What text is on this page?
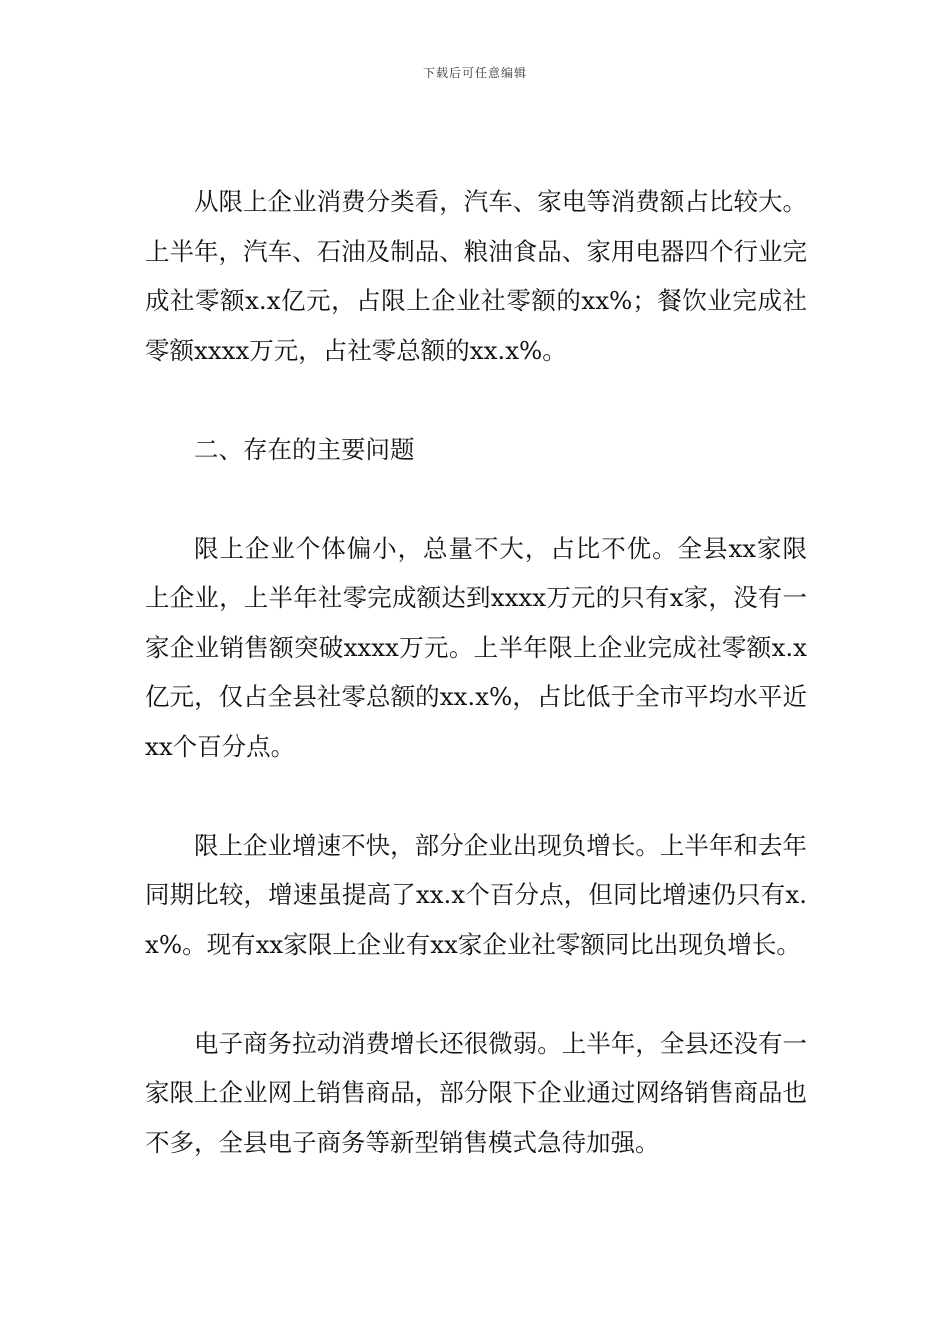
下载后可任意编辑

从限上企业消费分类看，汽车、家电等消费额占比较大。上半年，汽车、石油及制品、粮油食品、家用电器四个行业完成社零额x.x亿元，占限上企业社零额的xx%；餐饮业完成社零额xxxx万元，占社零总额的xx.x%。

二、存在的主要问题

限上企业个体偏小，总量不大，占比不优。全县xx家限上企业，上半年社零完成额达到xxxx万元的只有x家，没有一家企业销售额突破xxxx万元。上半年限上企业完成社零额x.x亿元，仅占全县社零总额的xx.x%，占比低于全市平均水平近xx个百分点。

限上企业增速不快，部分企业出现负增长。上半年和去年同期比较，增速虽提高了xx.x个百分点，但同比增速仍只有x.x%。现有xx家限上企业有xx家企业社零额同比出现负增长。

电子商务拉动消费增长还很微弱。上半年，全县还没有一家限上企业网上销售商品，部分限下企业通过网络销售商品也不多，全县电子商务等新型销售模式急待加强。
